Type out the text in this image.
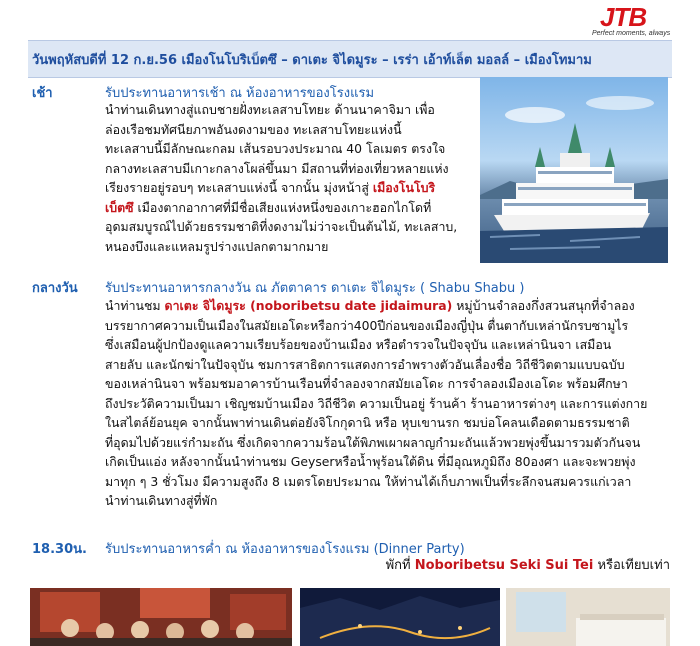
JTB
Perfect moments, always
วันพฤหัสบดีที่ 12 ก.ย.56 เมืองโนโบริเบ็ตซึ – ดาเตะ จิไดมูระ – เรร่า เอ้าท์เล็ต มอลล์ – เมืองโทมาม
เช้า	รับประทานอาหารเช้า ณ ห้องอาหารของโรงแรม
นำท่านเดินทางสู่แถบชายฝั่งทะเลสาบโทยะ ด้านนาคาจิมา เพื่อ
ล่องเรือชมทัศนียภาพอันงดงามของ ทะเลสาบโทยะแห่งนี้
ทะเลสาบนี้มีลักษณะกลม เส้นรอบวงประมาณ 40 โลเมตร ตรงใจ
กลางทะเลสาบมีเกาะกลางโผล่ขึ้นมา มีสถานที่ท่องเที่ยวหลายแห่ง
เรียงรายอยู่รอบๆ ทะเลสาบแห่งนี้ จากนั้น มุ่งหน้าสู่ เมืองโนโบริ
เบ็ตซึ เมืองตากอากาศที่มีชื่อเสียงแห่งหนึ่งของเกาะฮอกไกโดที่
อุดมสมบูรณ์ไปด้วยธรรมชาติที่งดงามไม่ว่าจะเป็นต้นไม้, ทะเลสาบ,
หนองบึงและแหลมรูปร่างแปลกตามากมาย
กลางวัน รับประทานอาหารกลางวัน ณ ภัตตาคาร ดาเตะ จิไดมูระ ( Shabu Shabu )
นำท่านชม ดาเตะ จิไดมูระ (noboribetsu date jidaimura) หมู่บ้านจำลองกึ่งสวนสนุกที่จำลอง
บรรยากาศความเป็นเมืองในสมัยเอโดะหรือกว่า400ปีก่อนของเมืองญี่ปุ่น ตื่นตากับเหล่านักรบซามูไร
ซึ่งเสมือนผู้ปกป้องดูแลความเรียบร้อยของบ้านเมือง หรือตำรวจในปัจจุบัน และเหล่านินจา เสมือน
สายลับ และนักฆ่าในปัจจุบัน ชมการสาธิตการแสดงการอำพรางตัวอันเลื่องชื่อ วิถีชีวิตตามแบบฉบับ
ของเหล่านินจา พร้อมชมอาคารบ้านเรือนที่จำลองจากสมัยเอโดะ การจำลองเมืองเอโดะ พร้อมศึกษา
ถึงประวัติความเป็นมา เชิญชมบ้านเมือง วิถีชีวิต ความเป็นอยู่ ร้านค้า ร้านอาหารต่างๆ และการแต่งกาย
ในสไตล์ย้อนยุค จากนั้นพาท่านเดินต่อยังจิโกกุดานิ หรือ หุบเขานรก ชมบ่อโคลนเดือดตามธรรมชาติ
ที่อุดมไปด้วยแร่กำมะถัน ซึ่งเกิดจากความร้อนใต้พิภพเผาผลาญกำมะถันแล้วพวยพุ่งขึ้นมารวมตัวกันจน
เกิดเป็นแอ่ง หลังจากนั้นนำท่านชม Geyserหรือน้ำพุร้อนใต้ดิน ที่มีอุณหภูมิถึง 80องศา และจะพวยพุ่ง
มาทุก ๆ 3 ชั่วโมง มีความสูงถึง 8 เมตรโดยประมาณ ให้ท่านได้เก็บภาพเป็นที่ระลึกจนสมควรแก่เวลา
นำท่านเดินทางสู่ที่พัก
18.30น. รับประทานอาหารค่ำ ณ ห้องอาหารของโรงแรม (Dinner Party)
พักที่ Noboribetsu Seki Sui Tei หรือเทียบเท่า
